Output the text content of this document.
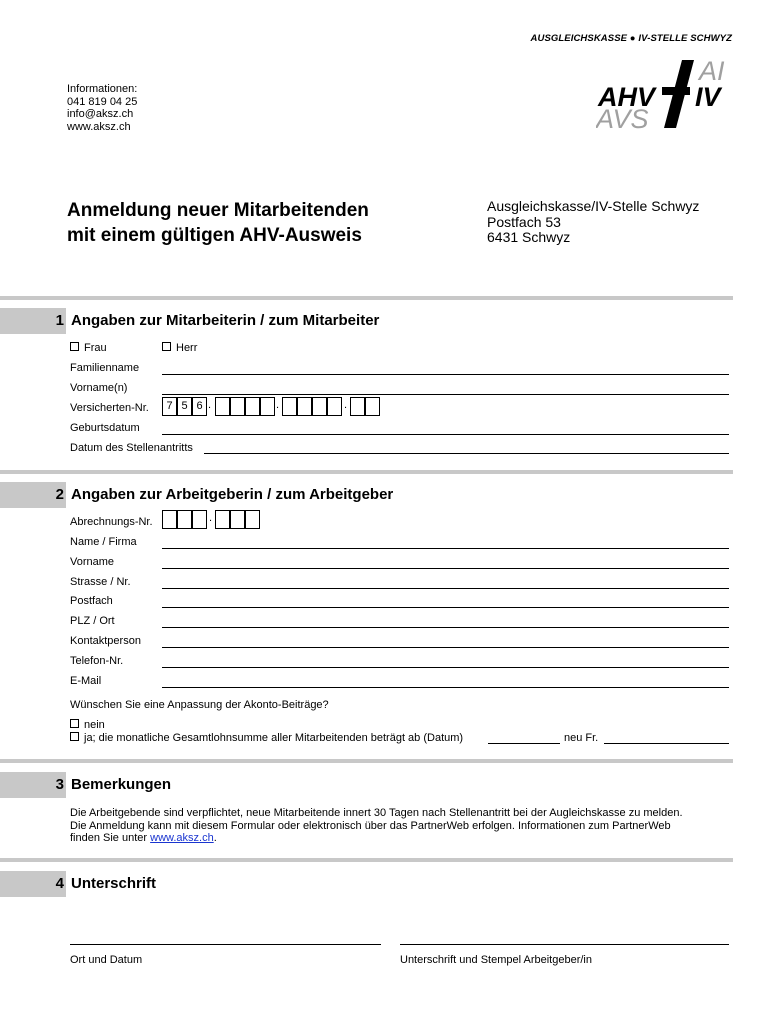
AUSGLEICHSKASSE ● IV-STELLE SCHWYZ
Informationen:
041 819 04 25
info@aksz.ch
www.aksz.ch
AHV IV
AI
AVS
Anmeldung neuer Mitarbeitenden
mit einem gültigen AHV-Ausweis
Ausgleichskasse/IV-Stelle Schwyz
Postfach 53
6431 Schwyz
1 Angaben zur Mitarbeiterin / zum Mitarbeiter
Frau	Herr
Familienname
Vorname(n)
Versicherten-Nr.	7 5 6 .	.	.
Geburtsdatum
Datum des Stellenantritts
2 Angaben zur Arbeitgeberin / zum Arbeitgeber
Abrechnungs-Nr.	.
Name / Firma
Vorname
Strasse / Nr.
Postfach
PLZ / Ort
Kontaktperson
Telefon-Nr.
E-Mail
Wünschen Sie eine Anpassung der Akonto-Beiträge?
nein
ja; die monatliche Gesamtlohnsumme aller Mitarbeitenden beträgt ab (Datum)	neu Fr.
3 Bemerkungen
Die Arbeitgebende sind verpflichtet, neue Mitarbeitende innert 30 Tagen nach Stellenantritt bei der Augleichskasse zu melden.
Die Anmeldung kann mit diesem Formular oder elektronisch über das PartnerWeb erfolgen. Informationen zum PartnerWeb
finden Sie unter www.aksz.ch.
4 Unterschrift
Ort und Datum	Unterschrift und Stempel Arbeitgeber/in
